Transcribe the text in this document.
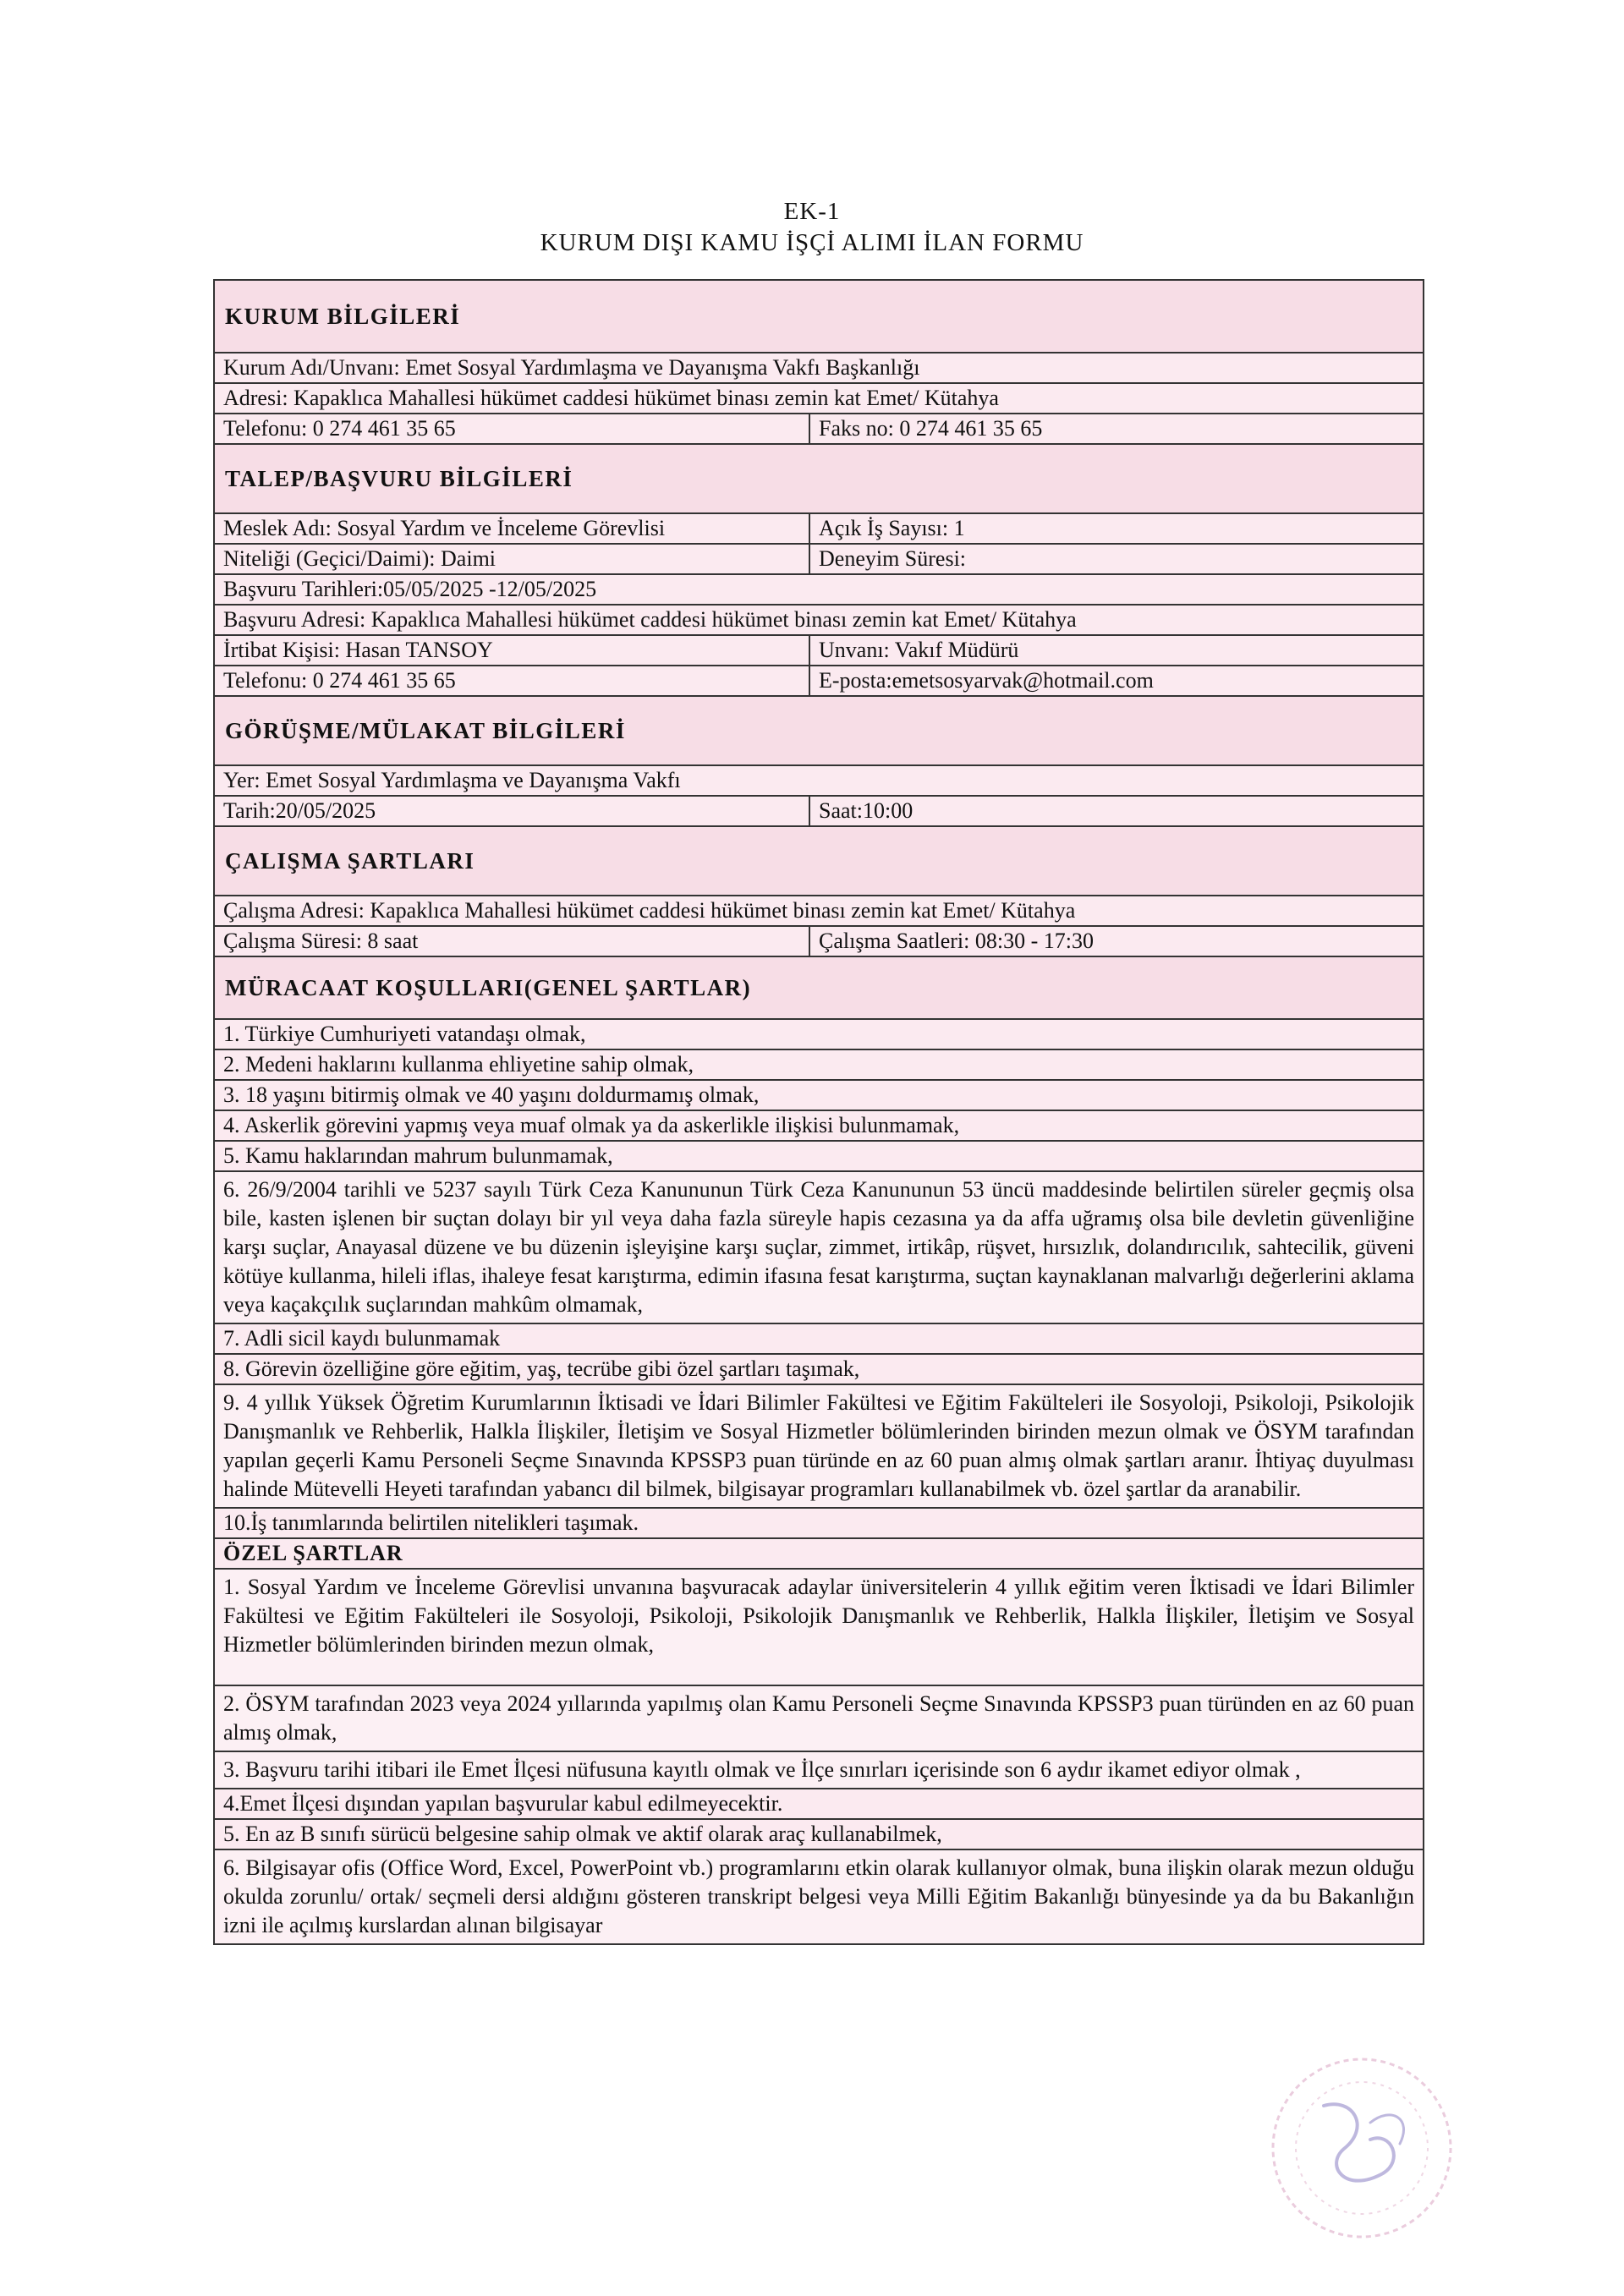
EK-1
KURUM DIŞI KAMU İŞÇİ ALIMI İLAN FORMU
KURUM BİLGİLERİ
Kurum Adı/Unvanı: Emet Sosyal Yardımlaşma ve Dayanışma Vakfı Başkanlığı
Adresi: Kapaklıca Mahallesi hükümet caddesi hükümet binası zemin kat Emet/ Kütahya
Telefonu: 0 274 461 35 65	Faks no: 0 274 461 35 65
TALEP/BAŞVURU BİLGİLERİ
Meslek Adı: Sosyal Yardım ve İnceleme Görevlisi	Açık İş Sayısı: 1
Niteliği (Geçici/Daimi): Daimi	Deneyim Süresi:
Başvuru Tarihleri:05/05/2025 -12/05/2025
Başvuru Adresi: Kapaklıca Mahallesi hükümet caddesi hükümet binası zemin kat Emet/ Kütahya
İrtibat Kişisi: Hasan TANSOY	Unvanı: Vakıf Müdürü
Telefonu: 0 274 461 35 65	E-posta:emetsosyarvak@hotmail.com
GÖRÜŞME/MÜLAKAT BİLGİLERİ
Yer: Emet Sosyal Yardımlaşma ve Dayanışma Vakfı
Tarih:20/05/2025	Saat:10:00
ÇALIŞMA ŞARTLARI
Çalışma Adresi: Kapaklıca Mahallesi hükümet caddesi hükümet binası zemin kat Emet/ Kütahya
Çalışma Süresi: 8 saat	Çalışma Saatleri: 08:30 - 17:30
MÜRACAAT KOŞULLARI(GENEL ŞARTLAR)
1. Türkiye Cumhuriyeti vatandaşı olmak,
2. Medeni haklarını kullanma ehliyetine sahip olmak,
3. 18 yaşını bitirmiş olmak ve 40 yaşını doldurmamış olmak,
4. Askerlik görevini yapmış veya muaf olmak ya da askerlikle ilişkisi bulunmamak,
5. Kamu haklarından mahrum bulunmamak,
6. 26/9/2004 tarihli ve 5237 sayılı Türk Ceza Kanununun Türk Ceza Kanununun 53 üncü maddesinde belirtilen süreler geçmiş olsa bile, kasten işlenen bir suçtan dolayı bir yıl veya daha fazla süreyle hapis cezasına ya da affa uğramış olsa bile devletin güvenliğine karşı suçlar, Anayasal düzene ve bu düzenin işleyişine karşı suçlar, zimmet, irtikâp, rüşvet, hırsızlık, dolandırıcılık, sahtecilik, güveni kötüye kullanma, hileli iflas, ihaleye fesat karıştırma, edimin ifasına fesat karıştırma, suçtan kaynaklanan malvarlığı değerlerini aklama veya kaçakçılık suçlarından mahkûm olmamak,
7. Adli sicil kaydı bulunmamak
8. Görevin özelliğine göre eğitim, yaş, tecrübe gibi özel şartları taşımak,
9. 4 yıllık Yüksek Öğretim Kurumlarının İktisadi ve İdari Bilimler Fakültesi ve Eğitim Fakülteleri ile Sosyoloji, Psikoloji, Psikolojik Danışmanlık ve Rehberlik, Halkla İlişkiler, İletişim ve Sosyal Hizmetler bölümlerinden birinden mezun olmak ve ÖSYM tarafından yapılan geçerli Kamu Personeli Seçme Sınavında KPSSP3 puan türünde en az 60 puan almış olmak şartları aranır. İhtiyaç duyulması halinde Mütevelli Heyeti tarafından yabancı dil bilmek, bilgisayar programları kullanabilmek vb. özel şartlar da aranabilir.
10.İş tanımlarında belirtilen nitelikleri taşımak.
ÖZEL ŞARTLAR
1. Sosyal Yardım ve İnceleme Görevlisi unvanına başvuracak adaylar üniversitelerin 4 yıllık eğitim veren İktisadi ve İdari Bilimler Fakültesi ve Eğitim Fakülteleri ile Sosyoloji, Psikoloji, Psikolojik Danışmanlık ve Rehberlik, Halkla İlişkiler, İletişim ve Sosyal Hizmetler bölümlerinden birinden mezun olmak,
2. ÖSYM tarafından 2023 veya 2024 yıllarında yapılmış olan Kamu Personeli Seçme Sınavında KPSSP3 puan türünden en az 60 puan almış olmak,
3. Başvuru tarihi itibari ile Emet İlçesi nüfusuna kayıtlı olmak ve İlçe sınırları içerisinde son 6 aydır ikamet ediyor olmak ,
4.Emet İlçesi dışından yapılan başvurular kabul edilmeyecektir.
5. En az B sınıfı sürücü belgesine sahip olmak ve aktif olarak araç kullanabilmek,
6. Bilgisayar ofis (Office Word, Excel, PowerPoint vb.) programlarını etkin olarak kullanıyor olmak, buna ilişkin olarak mezun olduğu okulda zorunlu/ ortak/ seçmeli dersi aldığını gösteren transkript belgesi veya Milli Eğitim Bakanlığı bünyesinde ya da bu Bakanlığın izni ile açılmış kurslardan alınan bilgisayar
